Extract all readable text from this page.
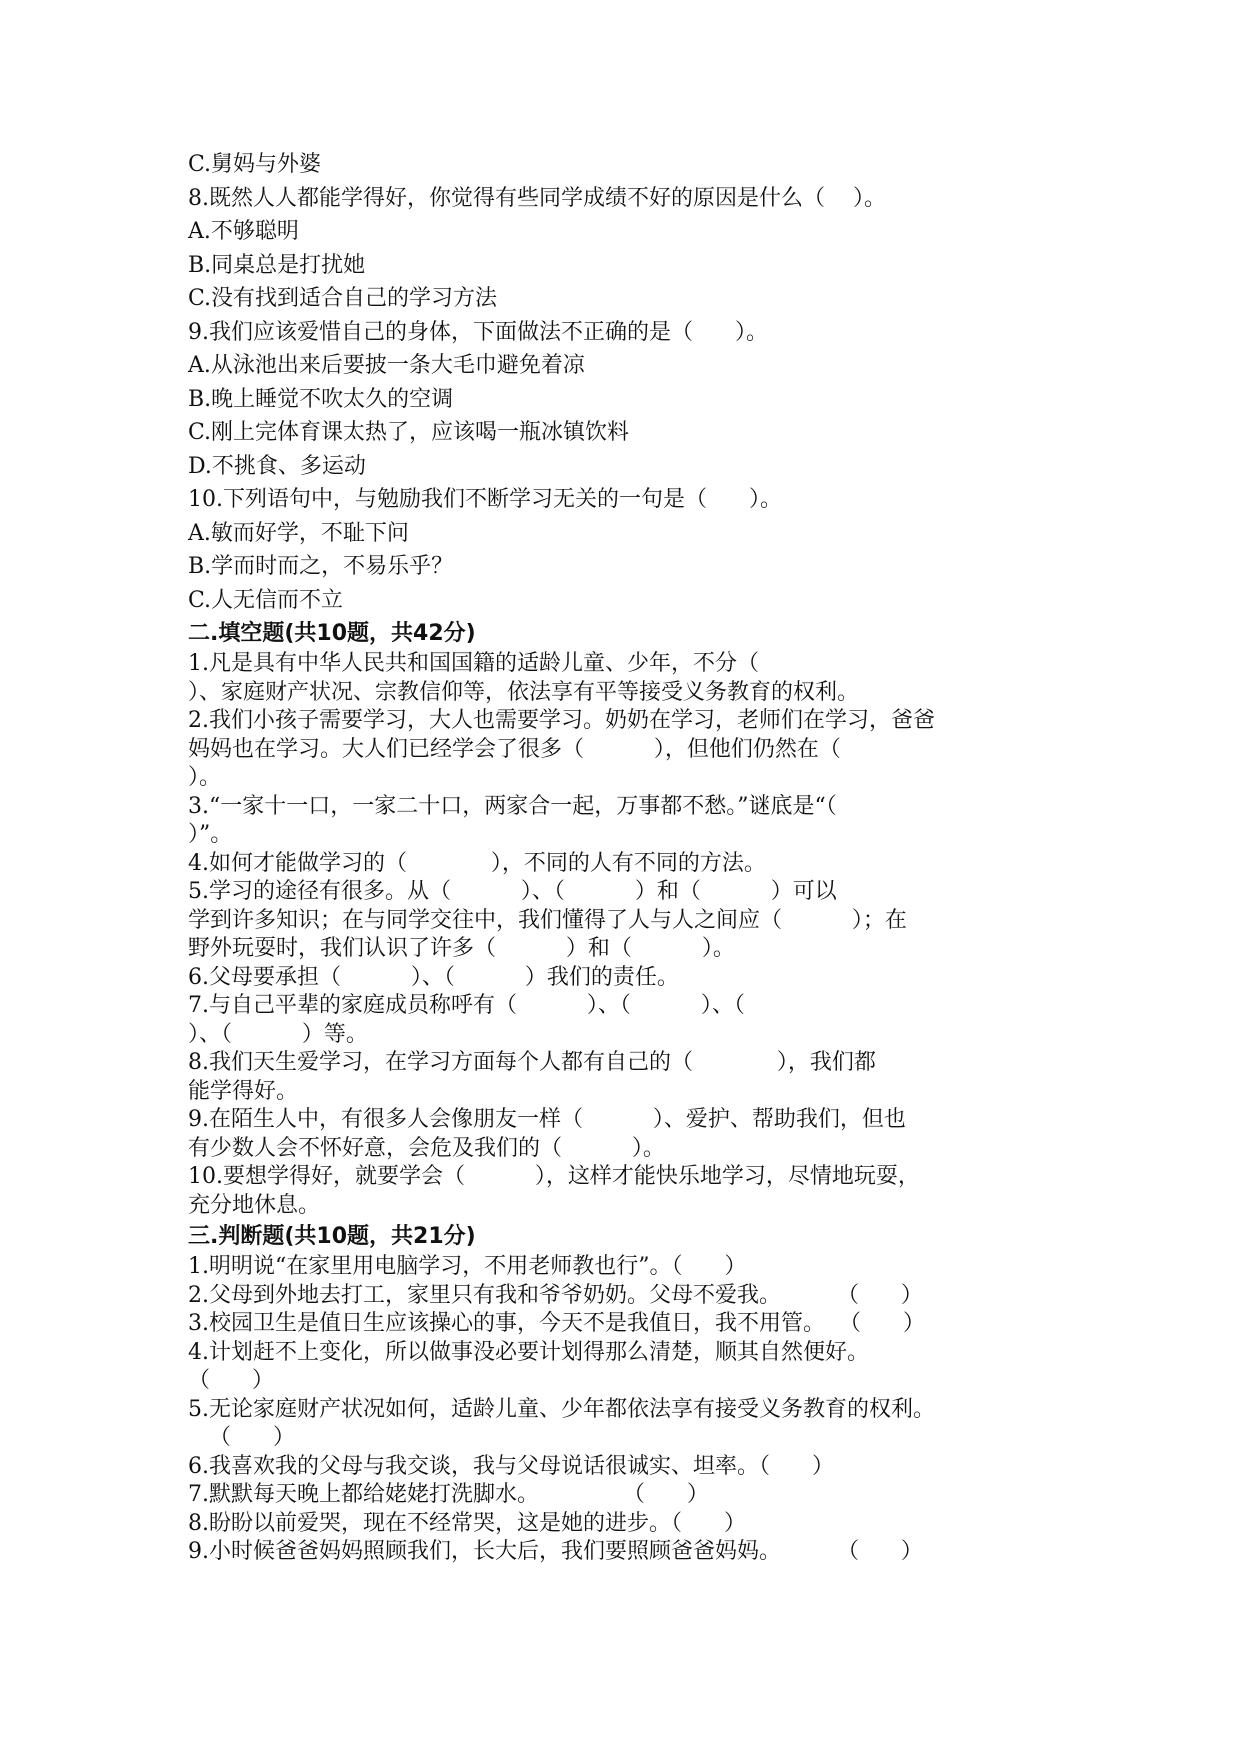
C.舅妈与外婆

8.既然人人都能学得好，你觉得有些同学成绩不好的原因是什么（    ）。

A.不够聪明

B.同桌总是打扰她

C.没有找到适合自己的学习方法

9.我们应该爱惜自己的身体，下面做法不正确的是（      ）。

A.从泳池出来后要披一条大毛巾避免着凉

B.晚上睡觉不吹太久的空调

C.刚上完体育课太热了，应该喝一瓶冰镇饮料

D.不挑食、多运动

10.下列语句中，与勉励我们不断学习无关的一句是（      ）。

A.敏而好学，不耻下问

B.学而时而之，不易乐乎？

C.人无信而不立

二.填空题(共10题，共42分)

1.凡是具有中华人民共和国国籍的适龄儿童、少年，不分（
）、家庭财产状况、宗教信仰等，依法享有平等接受义务教育的权利。

2.我们小孩子需要学习，大人也需要学习。奶奶在学习，老师们在学习，爸爸
妈妈也在学习。大人们已经学会了很多（          ），但他们仍然在（
）。

3.“一家十一口，一家二十口，两家合一起，万事都不愁。”谜底是“（
）”。

4.如何才能做学习的（            ），不同的人有不同的方法。

5.学习的途径有很多。从（          ）、（          ）和（          ）可以
学到许多知识；在与同学交往中，我们懂得了人与人之间应（          ）；在
野外玩耍时，我们认识了许多（          ）和（          ）。

6.父母要承担（          ）、（          ）我们的责任。

7.与自己平辈的家庭成员称呼有（          ）、（          ）、（
）、（          ）等。

8.我们天生爱学习，在学习方面每个人都有自己的（            ），我们都
能学得好。

9.在陌生人中，有很多人会像朋友一样（          ）、爱护、帮助我们，但也
有少数人会不怀好意，会危及我们的（          ）。

10.要想学得好，就要学会（          ），这样才能快乐地学习，尽情地玩耍，
充分地休息。

三.判断题(共10题，共21分)

1.明明说“在家里用电脑学习，不用老师教也行”。（      ）

2.父母到外地去打工，家里只有我和爷爷奶奶。父母不爱我。        （      ）

3.校园卫生是值日生应该操心的事，今天不是我值日，我不用管。  （      ）

4.计划赶不上变化，所以做事没必要计划得那么清楚，顺其自然便好。
（      ）

5.无论家庭财产状况如何，适龄儿童、少年都依法享有接受义务教育的权利。
（      ）

6.我喜欢我的父母与我交谈，我与父母说话很诚实、坦率。（      ）

7.默默每天晚上都给姥姥打洗脚水。            （      ）

8.盼盼以前爱哭，现在不经常哭，这是她的进步。（      ）

9.小时候爸爸妈妈照顾我们，长大后，我们要照顾爸爸妈妈。        （      ）
